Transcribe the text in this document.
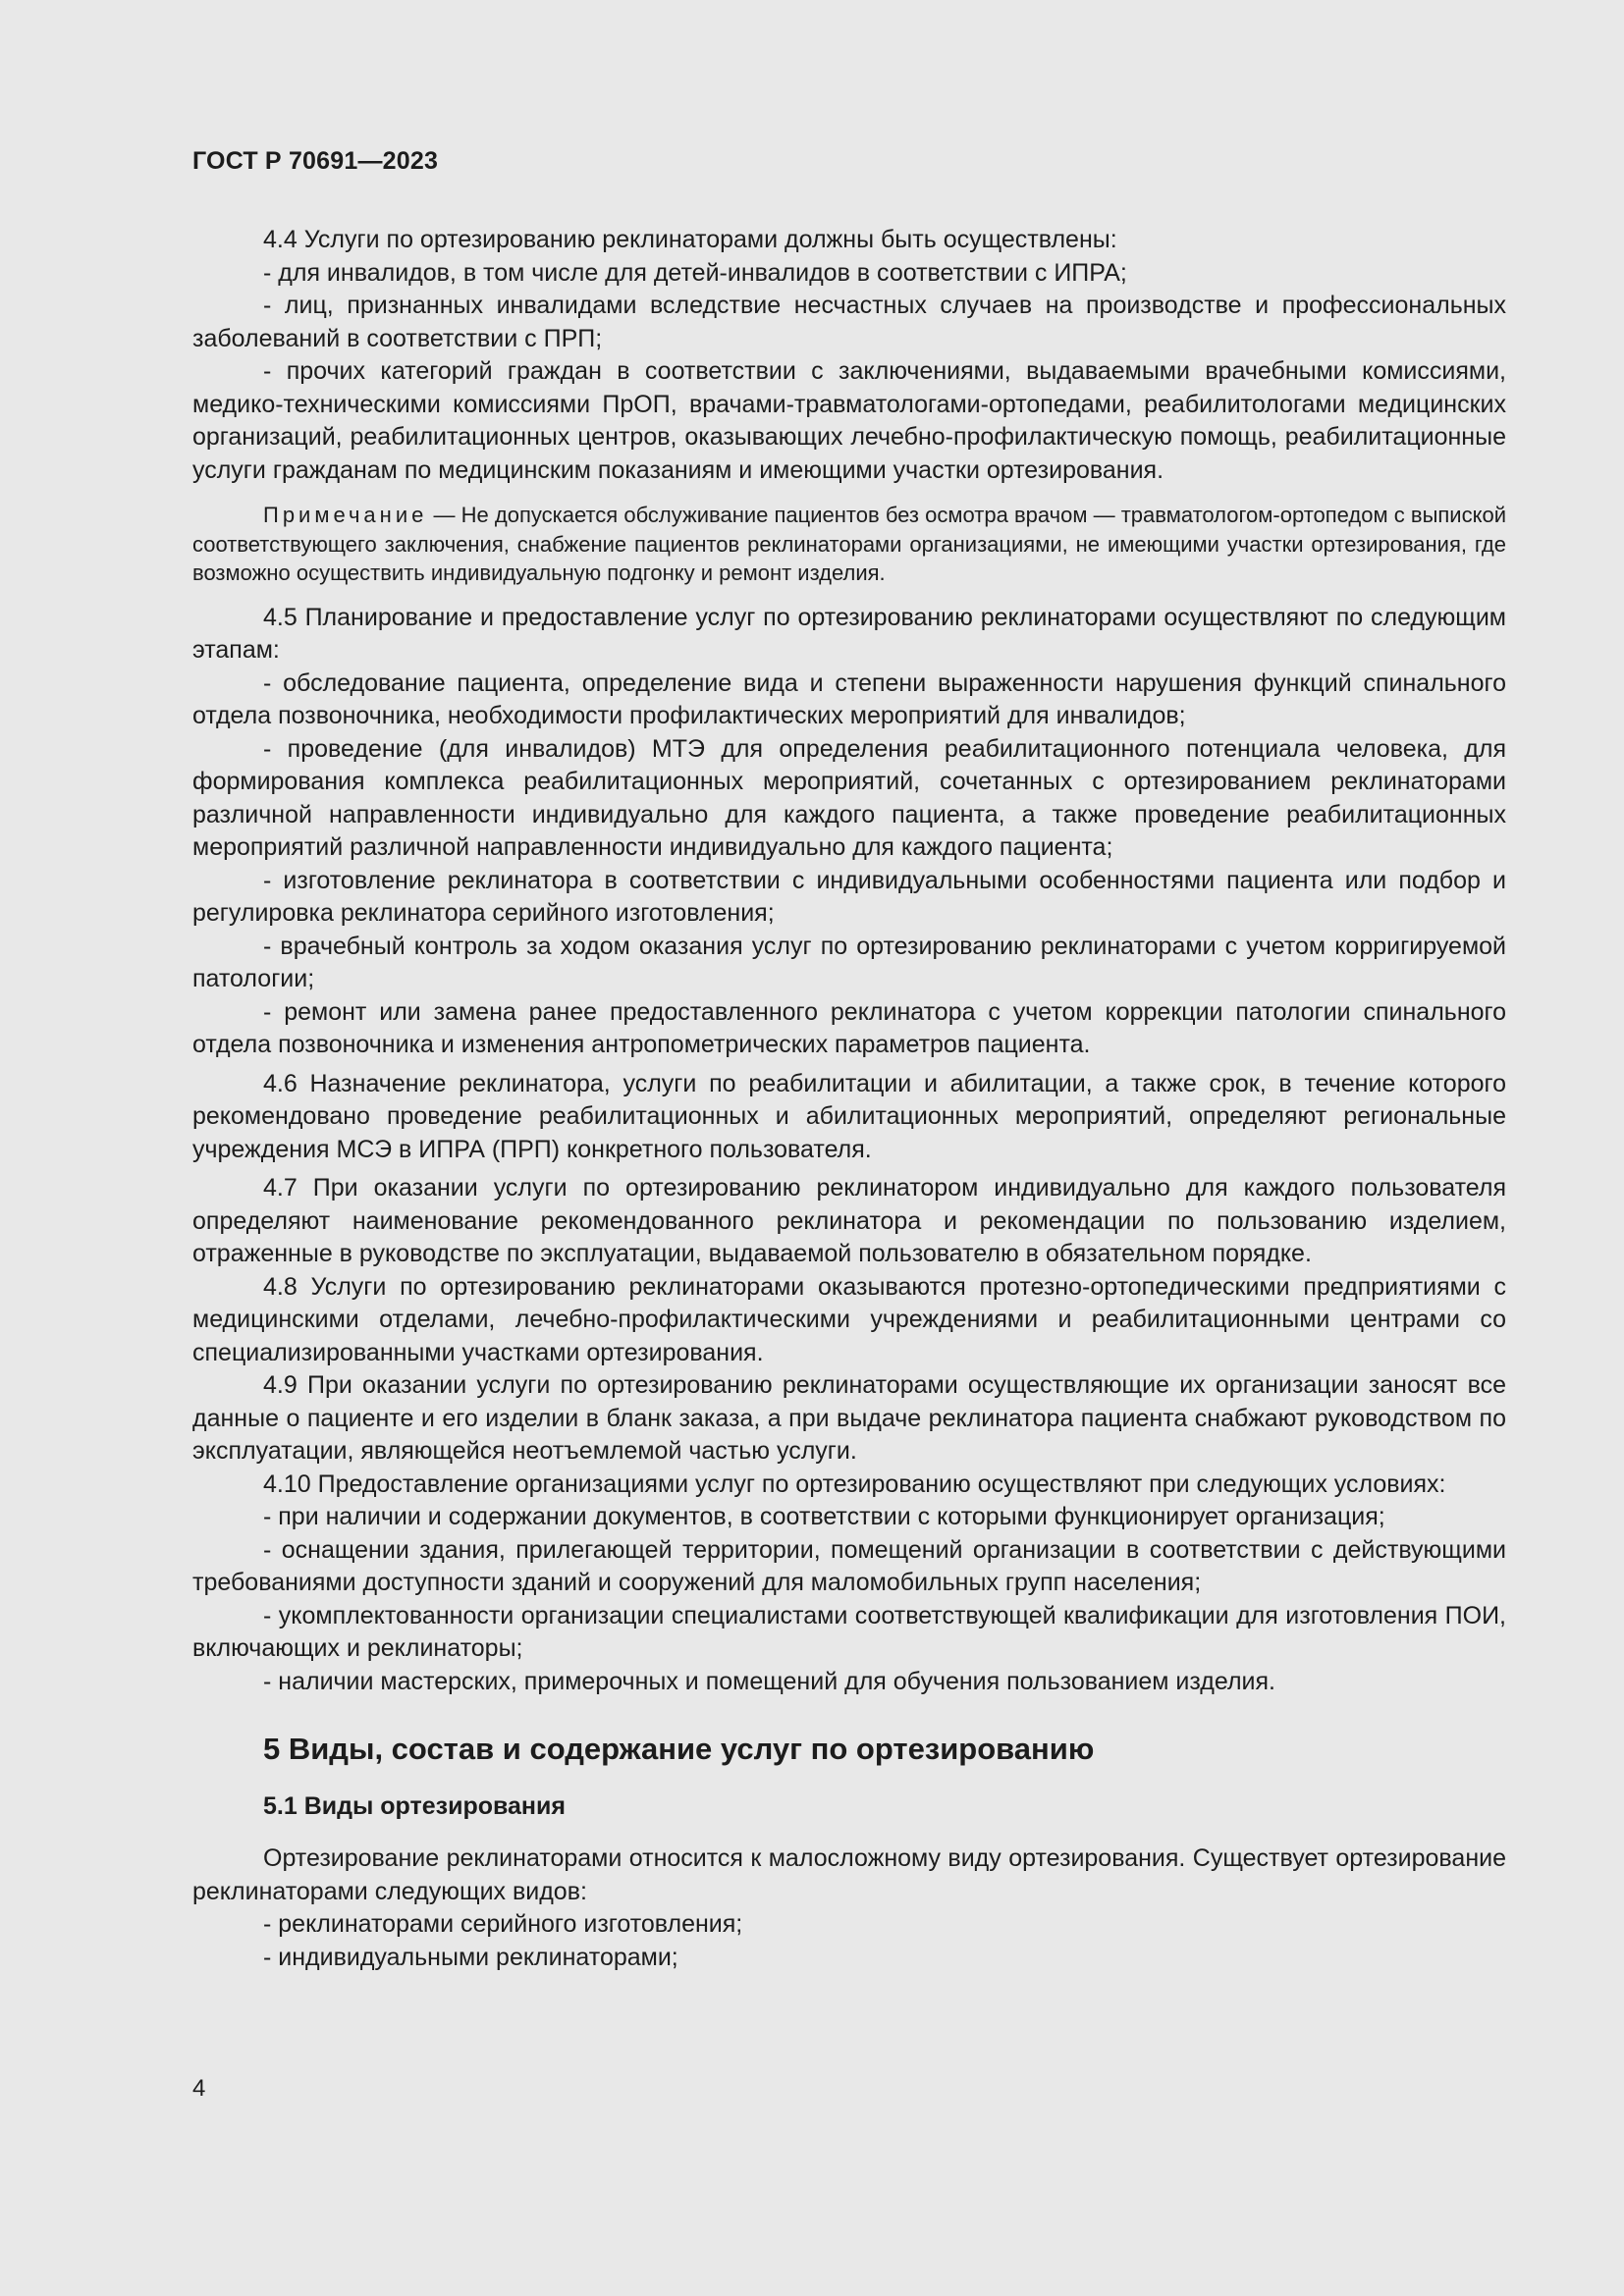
ГОСТ Р 70691—2023

4.4 Услуги по ортезированию реклинаторами должны быть осуществлены:

- для инвалидов, в том числе для детей-инвалидов в соответствии с ИПРА;

- лиц, признанных инвалидами вследствие несчастных случаев на производстве и профессиональных заболеваний в соответствии с ПРП;

- прочих категорий граждан в соответствии с заключениями, выдаваемыми врачебными комиссиями, медико-техническими комиссиями ПрОП, врачами-травматологами-ортопедами, реабилитологами медицинских организаций, реабилитационных центров, оказывающих лечебно-профилактическую помощь, реабилитационные услуги гражданам по медицинским показаниям и имеющими участки ортезирования.

Примечание — Не допускается обслуживание пациентов без осмотра врачом — травматологом-ортопедом с выпиской соответствующего заключения, снабжение пациентов реклинаторами организациями, не имеющими участки ортезирования, где возможно осуществить индивидуальную подгонку и ремонт изделия.

4.5 Планирование и предоставление услуг по ортезированию реклинаторами осуществляют по следующим этапам:

- обследование пациента, определение вида и степени выраженности нарушения функций спинального отдела позвоночника, необходимости профилактических мероприятий для инвалидов;

- проведение (для инвалидов) МТЭ для определения реабилитационного потенциала человека, для формирования комплекса реабилитационных мероприятий, сочетанных с ортезированием реклинаторами различной направленности индивидуально для каждого пациента, а также проведение реабилитационных мероприятий различной направленности индивидуально для каждого пациента;

- изготовление реклинатора в соответствии с индивидуальными особенностями пациента или подбор и регулировка реклинатора серийного изготовления;

- врачебный контроль за ходом оказания услуг по ортезированию реклинаторами с учетом корригируемой патологии;

- ремонт или замена ранее предоставленного реклинатора с учетом коррекции патологии спинального отдела позвоночника и изменения антропометрических параметров пациента.

4.6 Назначение реклинатора, услуги по реабилитации и абилитации, а также срок, в течение которого рекомендовано проведение реабилитационных и абилитационных мероприятий, определяют региональные учреждения МСЭ в ИПРА (ПРП) конкретного пользователя.

4.7 При оказании услуги по ортезированию реклинатором индивидуально для каждого пользователя определяют наименование рекомендованного реклинатора и рекомендации по пользованию изделием, отраженные в руководстве по эксплуатации, выдаваемой пользователю в обязательном порядке.

4.8 Услуги по ортезированию реклинаторами оказываются протезно-ортопедическими предприятиями с медицинскими отделами, лечебно-профилактическими учреждениями и реабилитационными центрами со специализированными участками ортезирования.

4.9 При оказании услуги по ортезированию реклинаторами осуществляющие их организации заносят все данные о пациенте и его изделии в бланк заказа, а при выдаче реклинатора пациента снабжают руководством по эксплуатации, являющейся неотъемлемой частью услуги.

4.10 Предоставление организациями услуг по ортезированию осуществляют при следующих условиях:

- при наличии и содержании документов, в соответствии с которыми функционирует организация;

- оснащении здания, прилегающей территории, помещений организации в соответствии с действующими требованиями доступности зданий и сооружений для маломобильных групп населения;

- укомплектованности организации специалистами соответствующей квалификации для изготовления ПОИ, включающих и реклинаторы;

- наличии мастерских, примерочных и помещений для обучения пользованием изделия.

5 Виды, состав и содержание услуг по ортезированию
5.1 Виды ортезирования

Ортезирование реклинаторами относится к малосложному виду ортезирования. Существует ортезирование реклинаторами следующих видов:

- реклинаторами серийного изготовления;

- индивидуальными реклинаторами;

4
